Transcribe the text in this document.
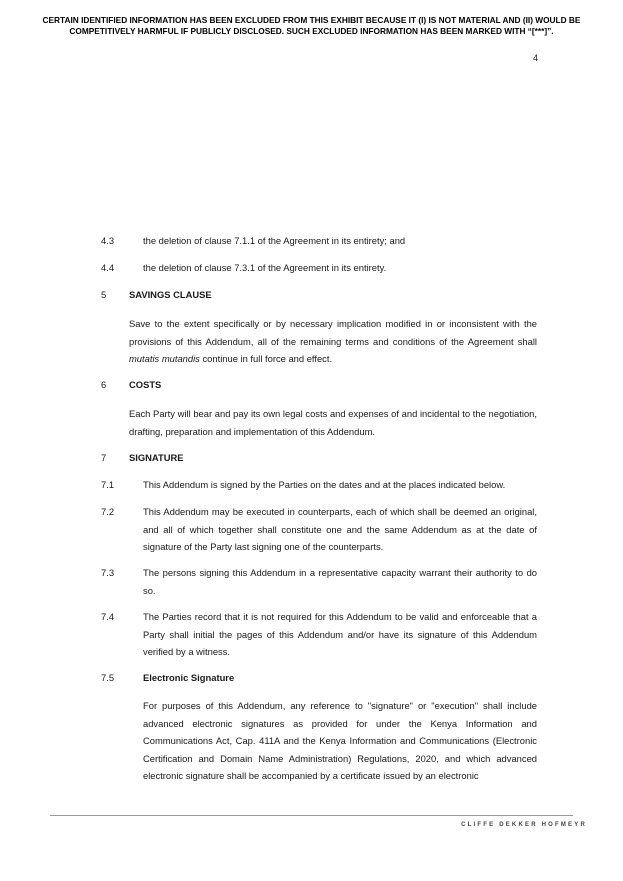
CERTAIN IDENTIFIED INFORMATION HAS BEEN EXCLUDED FROM THIS EXHIBIT BECAUSE IT (I) IS NOT MATERIAL AND (II) WOULD BE COMPETITIVELY HARMFUL IF PUBLICLY DISCLOSED. SUCH EXCLUDED INFORMATION HAS BEEN MARKED WITH “[***]”.
4
4.3	the deletion of clause 7.1.1 of the Agreement in its entirety; and
4.4	the deletion of clause 7.3.1 of the Agreement in its entirety.
5 SAVINGS CLAUSE
Save to the extent specifically or by necessary implication modified in or inconsistent with the provisions of this Addendum, all of the remaining terms and conditions of the Agreement shall mutatis mutandis continue in full force and effect.
6 COSTS
Each Party will bear and pay its own legal costs and expenses of and incidental to the negotiation, drafting, preparation and implementation of this Addendum.
7 SIGNATURE
7.1	This Addendum is signed by the Parties on the dates and at the places indicated below.
7.2	This Addendum may be executed in counterparts, each of which shall be deemed an original, and all of which together shall constitute one and the same Addendum as at the date of signature of the Party last signing one of the counterparts.
7.3	The persons signing this Addendum in a representative capacity warrant their authority to do so.
7.4	The Parties record that it is not required for this Addendum to be valid and enforceable that a Party shall initial the pages of this Addendum and/or have its signature of this Addendum verified by a witness.
7.5	Electronic Signature
For purposes of this Addendum, any reference to "signature" or "execution" shall include advanced electronic signatures as provided for under the Kenya Information and Communications Act, Cap. 411A and the Kenya Information and Communications (Electronic Certification and Domain Name Administration) Regulations, 2020, and which advanced electronic signature shall be accompanied by a certificate issued by an electronic
CLIFFE DEKKER HOFMEYR
